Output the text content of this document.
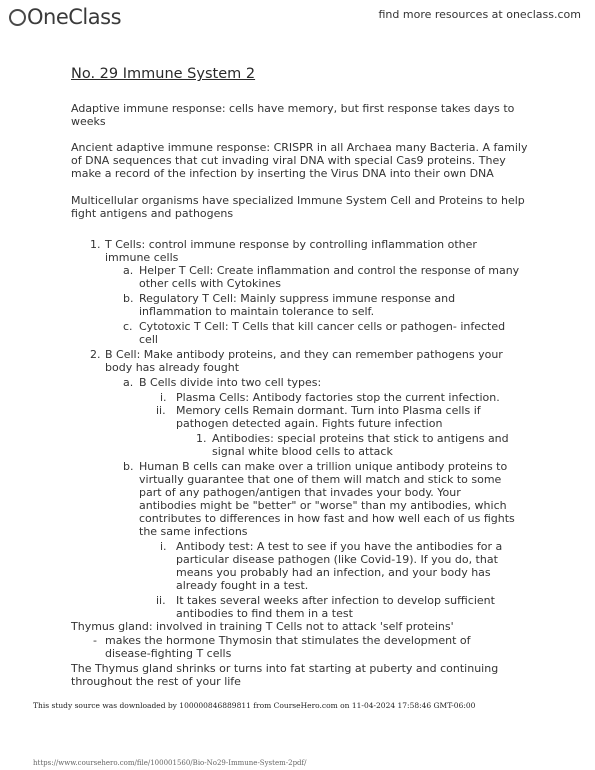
OneClass	find more resources at oneclass.com
No. 29 Immune System 2
Adaptive immune response: cells have memory, but first response takes days to
weeks
Ancient adaptive immune response: CRISPR in all Archaea many Bacteria. A family
of DNA sequences that cut invading viral DNA with special Cas9 proteins. They
make a record of the infection by inserting the Virus DNA into their own DNA
Multicellular organisms have specialized Immune System Cell and Proteins to help
fight antigens and pathogens
1. T Cells: control immune response by controlling inflammation other
immune cells
a. Helper T Cell: Create inflammation and control the response of many
other cells with Cytokines
b. Regulatory T Cell: Mainly suppress immune response and
inflammation to maintain tolerance to self.
c. Cytotoxic T Cell: T Cells that kill cancer cells or pathogen- infected
cell
2. B Cell: Make antibody proteins, and they can remember pathogens your
body has already fought
a. B Cells divide into two cell types:
i. Plasma Cells: Antibody factories stop the current infection.
ii. Memory cells Remain dormant. Turn into Plasma cells if
pathogen detected again. Fights future infection
1. Antibodies: special proteins that stick to antigens and
signal white blood cells to attack
b. Human B cells can make over a trillion unique antibody proteins to
virtually guarantee that one of them will match and stick to some
part of any pathogen/antigen that invades your body. Your
antibodies might be "better" or "worse" than my antibodies, which
contributes to differences in how fast and how well each of us fights
the same infections
i. Antibody test: A test to see if you have the antibodies for a
particular disease pathogen (like Covid-19). If you do, that
means you probably had an infection, and your body has
already fought in a test.
ii. It takes several weeks after infection to develop sufficient
antibodies to find them in a test
Thymus gland: involved in training T Cells not to attack 'self proteins'
- makes the hormone Thymosin that stimulates the development of
disease-fighting T cells
The Thymus gland shrinks or turns into fat starting at puberty and continuing
throughout the rest of your life
This study source was downloaded by 100000846889811 from CourseHero.com on 11-04-2024 17:58:46 GMT-06:00
https://www.coursehero.com/file/100001560/Bio-No29-Immune-System-2pdf/
